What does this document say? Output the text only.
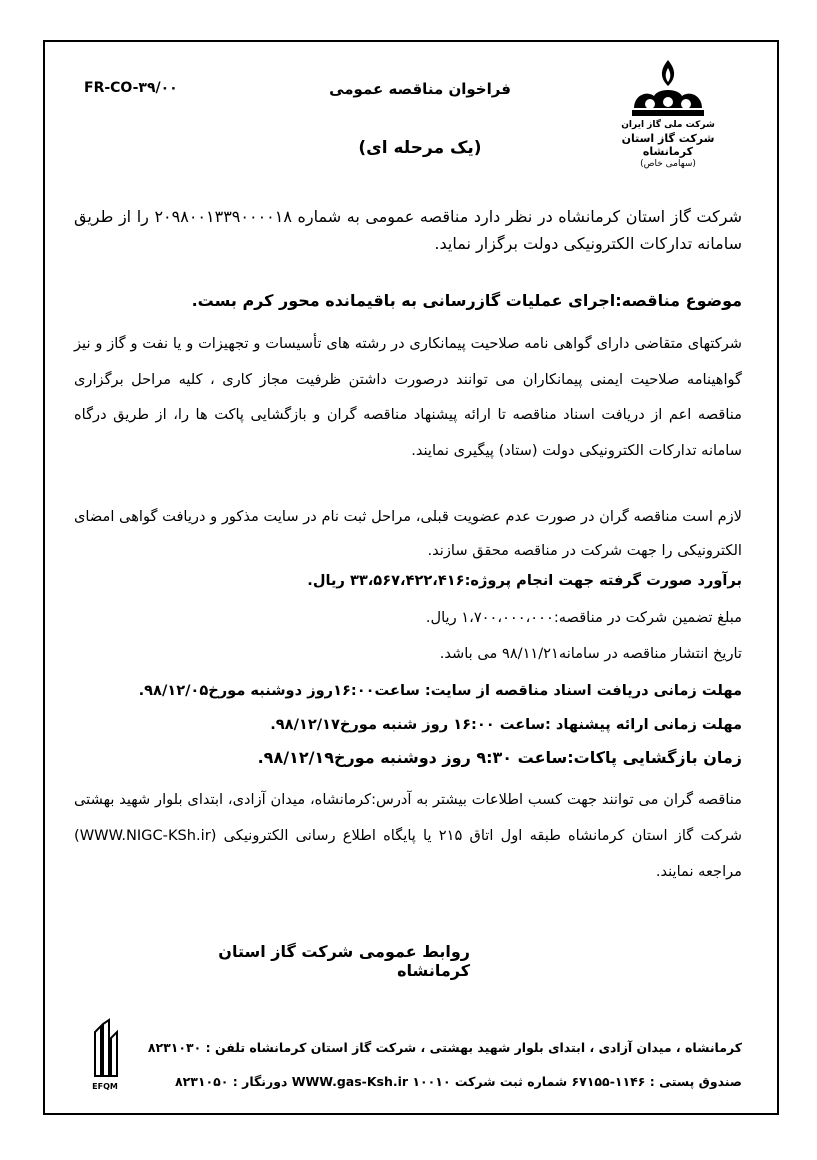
FR-CO-۳۹/۰۰	فراخوان مناقصه عمومی
(یک مرحله ای)
شرکت ملی گاز ایران
شرکت گاز استان کرمانشاه
(سهامی خاص)
شرکت گاز استان کرمانشاه در نظر دارد مناقصه عمومی به شماره ۲۰۹۸۰۰۱۳۳۹۰۰۰۰۱۸ را از طریق سامانه تدارکات الکترونیکی دولت برگزار نماید.
موضوع مناقصه:اجرای عملیات گازرسانی به باقیمانده محور کرم بست.
شرکتهای متقاضی دارای گواهی نامه صلاحیت پیمانکاری در رشته های تأسیسات و تجهیزات و یا نفت و گاز و نیز گواهینامه صلاحیت ایمنی پیمانکاران می توانند درصورت داشتن ظرفیت مجاز کاری ، کلیه مراحل برگزاری مناقصه اعم از دریافت اسناد مناقصه تا ارائه پیشنهاد مناقصه گران و بازگشایی پاکت ها را، از طریق درگاه سامانه تدارکات الکترونیکی دولت (ستاد) پیگیری نمایند.
لازم است مناقصه گران در صورت عدم عضویت قبلی، مراحل ثبت نام در سایت مذکور و دریافت گواهی امضای الکترونیکی را جهت شرکت در مناقصه محقق سازند.
برآورد صورت گرفته جهت انجام پروژه:۳۳،۵۶۷،۴۲۲،۴۱۶ ریال.
مبلغ تضمین شرکت در مناقصه:۱،۷۰۰،۰۰۰،۰۰۰ ریال.
تاریخ انتشار مناقصه در سامانه۹۸/۱۱/۲۱ می باشد.
مهلت زمانی دریافت اسناد مناقصه از سایت: ساعت۱۶:۰۰روز دوشنبه مورخ۹۸/۱۲/۰۵.
مهلت زمانی ارائه پیشنهاد :ساعت ۱۶:۰۰ روز شنبه مورخ۹۸/۱۲/۱۷.
زمان بازگشایی پاکات:ساعت ۹:۳۰ روز دوشنبه مورخ۹۸/۱۲/۱۹.
مناقصه گران می توانند جهت کسب اطلاعات بیشتر به آدرس:کرمانشاه، میدان آزادی، ابتدای بلوار شهید بهشتی شرکت گاز استان کرمانشاه طبقه اول اتاق ۲۱۵ یا پایگاه اطلاع رسانی الکترونیکی (WWW.NIGC-KSh.ir) مراجعه نمایند.
روابط عمومی شرکت گاز استان کرمانشاه
EFQM
کرمانشاه ، میدان آزادی ، ابتدای بلوار شهید بهشتی ، شرکت گاز استان کرمانشاه تلفن : ۸۲۳۱۰۳۰
صندوق پستی : ۱۱۴۶-۶۷۱۵۵ شماره ثبت شرکت ۱۰۰۱۰ WWW.gas-Ksh.ir دورنگار : ۸۲۳۱۰۵۰
